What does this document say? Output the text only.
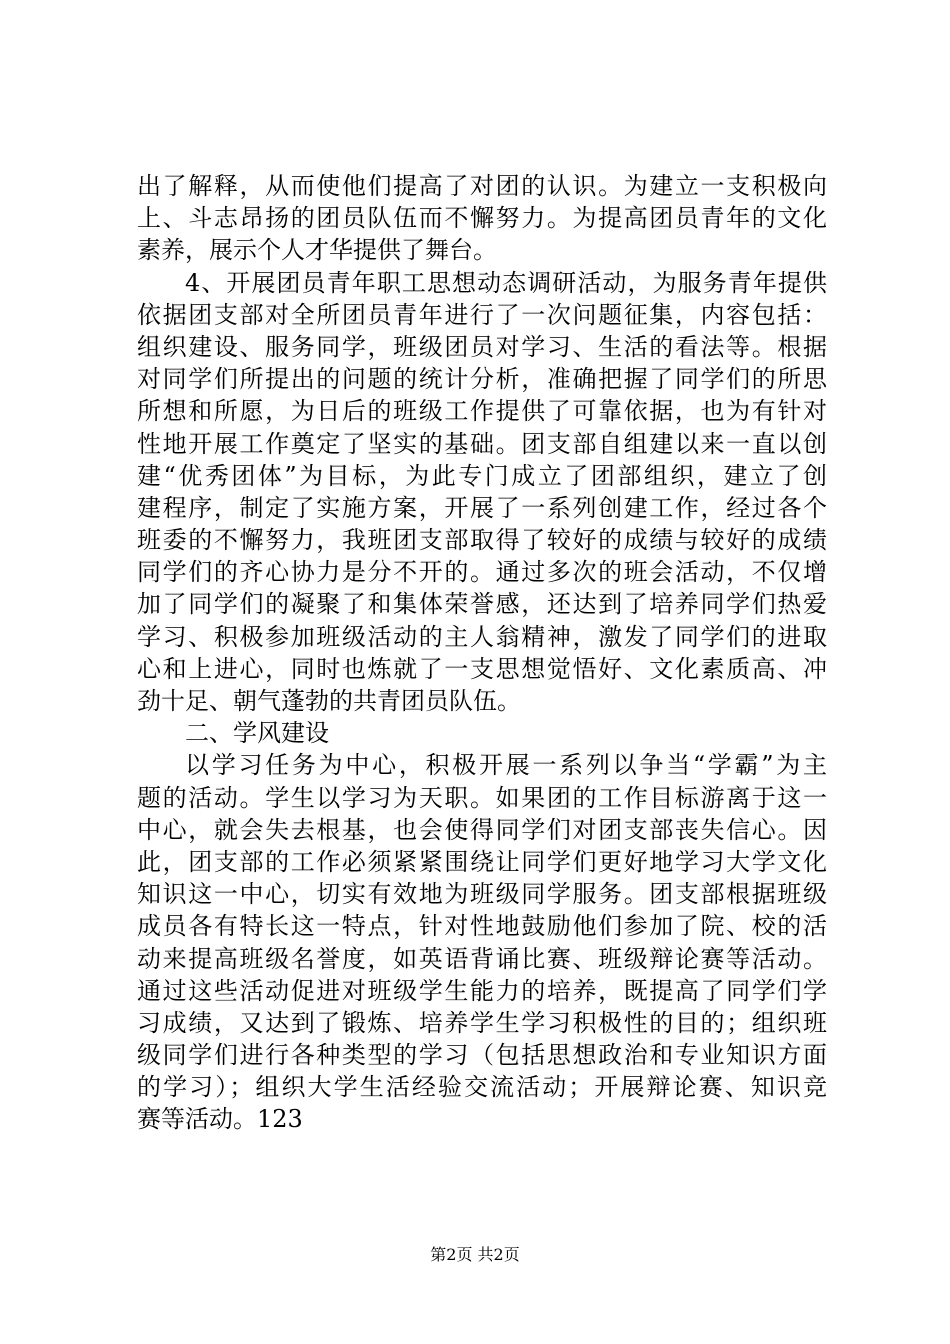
出了解释，从而使他们提高了对团的认识。为建立一支积极向
上、斗志昂扬的团员队伍而不懈努力。为提高团员青年的文化
素养，展示个人才华提供了舞台。
4、开展团员青年职工思想动态调研活动，为服务青年提供
依据团支部对全所团员青年进行了一次问题征集，内容包括：
组织建设、服务同学，班级团员对学习、生活的看法等。根据
对同学们所提出的问题的统计分析，准确把握了同学们的所思
所想和所愿，为日后的班级工作提供了可靠依据，也为有针对
性地开展工作奠定了坚实的基础。团支部自组建以来一直以创
建“优秀团体”为目标，为此专门成立了团部组织，建立了创
建程序，制定了实施方案，开展了一系列创建工作，经过各个
班委的不懈努力，我班团支部取得了较好的成绩与较好的成绩
同学们的齐心协力是分不开的。通过多次的班会活动，不仅增
加了同学们的凝聚了和集体荣誉感，还达到了培养同学们热爱
学习、积极参加班级活动的主人翁精神，激发了同学们的进取
心和上进心，同时也炼就了一支思想觉悟好、文化素质高、冲
劲十足、朝气蓬勃的共青团员队伍。
二、学风建设
以学习任务为中心，积极开展一系列以争当“学霸”为主
题的活动。学生以学习为天职。如果团的工作目标游离于这一
中心，就会失去根基，也会使得同学们对团支部丧失信心。因
此，团支部的工作必须紧紧围绕让同学们更好地学习大学文化
知识这一中心，切实有效地为班级同学服务。团支部根据班级
成员各有特长这一特点，针对性地鼓励他们参加了院、校的活
动来提高班级名誉度，如英语背诵比赛、班级辩论赛等活动。
通过这些活动促进对班级学生能力的培养，既提高了同学们学
习成绩，又达到了锻炼、培养学生学习积极性的目的；组织班
级同学们进行各种类型的学习（包括思想政治和专业知识方面
的学习）；组织大学生活经验交流活动；开展辩论赛、知识竞
赛等活动。123
第2页 共2页
